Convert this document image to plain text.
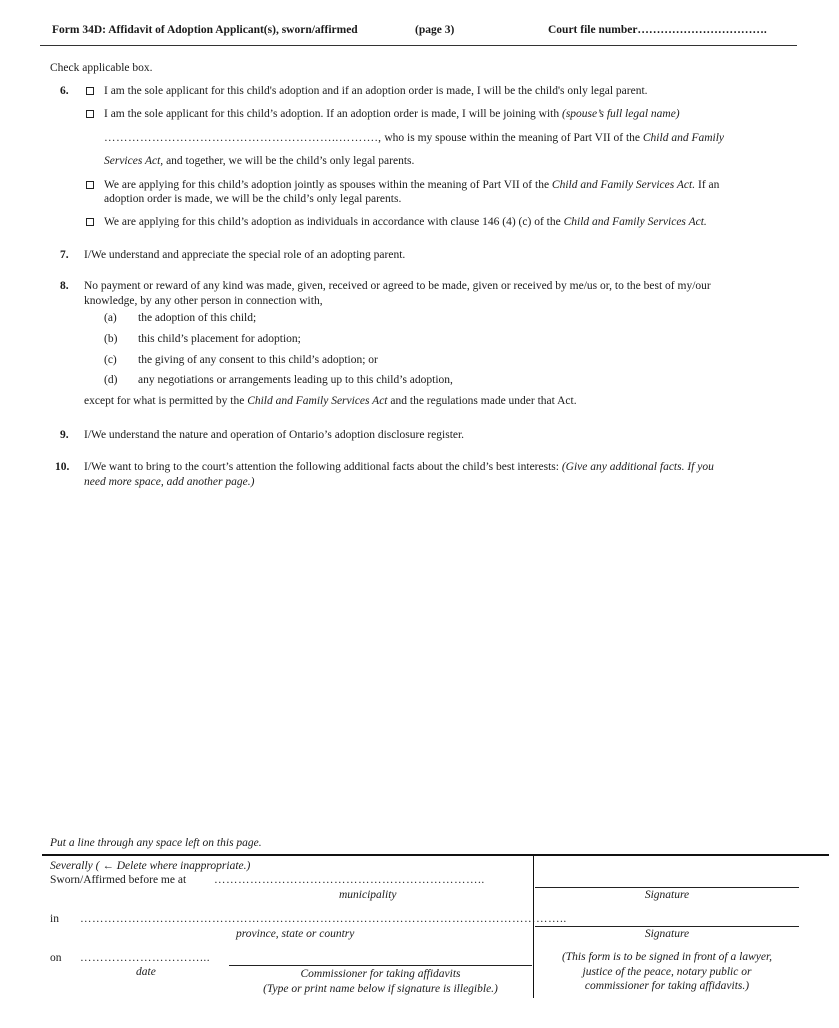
Form 34D: Affidavit of Adoption Applicant(s), sworn/affirmed	(page 3)	Court file number…………………………….
Check applicable box.
6.	I am the sole applicant for this child's adoption and if an adoption order is made, I will be the child's only legal parent.
I am the sole applicant for this child’s adoption. If an adoption order is made, I will be joining with (spouse’s full legal name)
…………………………………………………..………., who is my spouse within the meaning of Part VII of the Child and Family
Services Act, and together, we will be the child’s only legal parents.
We are applying for this child’s adoption jointly as spouses within the meaning of Part VII of the Child and Family Services Act. If an
adoption order is made, we will be the child’s only legal parents.
We are applying for this child’s adoption as individuals in accordance with clause 146 (4) (c) of the Child and Family Services Act.
7. I/We understand and appreciate the special role of an adopting parent.
8. No payment or reward of any kind was made, given, received or agreed to be made, given or received by me/us or, to the best of my/our
knowledge, by any other person in connection with,
(a) the adoption of this child;
(b) this child’s placement for adoption;
(c) the giving of any consent to this child’s adoption; or
(d) any negotiations or arrangements leading up to this child’s adoption,
except for what is permitted by the Child and Family Services Act and the regulations made under that Act.
9. I/We understand the nature and operation of Ontario’s adoption disclosure register.
10. I/We want to bring to the court’s attention the following additional facts about the child’s best interests: (Give any additional facts. If you
need more space, add another page.)
Put a line through any space left on this page.
Severally ( ← Delete where inappropriate.)
Sworn/Affirmed before me at …………………………………………………………..
municipality
in …………………………………………………………………………………………………………..
province, state or country
on …………………………...
date	Commissioner for taking affidavits
(Type or print name below if signature is illegible.)
Signature
Signature
(This form is to be signed in front of a lawyer,
justice of the peace, notary public or
commissioner for taking affidavits.)
